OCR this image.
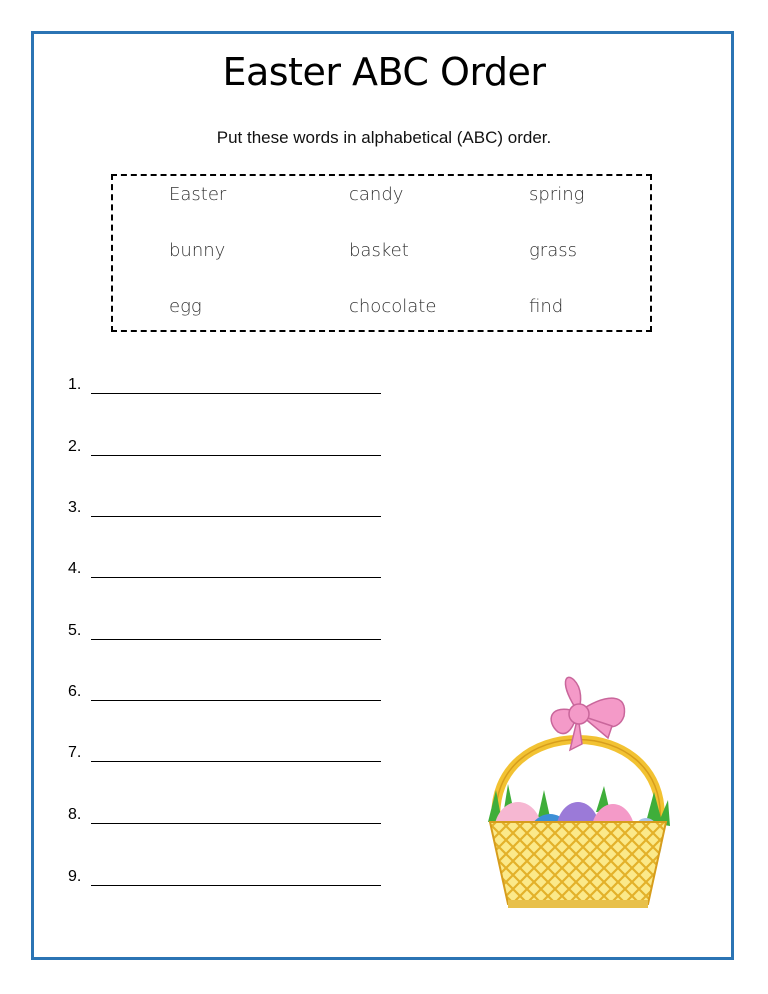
Easter ABC Order
Put these words in alphabetical (ABC) order.
Easter	candy	spring
bunny	basket	grass
egg	chocolate	find
1.
2.
3.
4.
5.
6.
7.
8.
9.
